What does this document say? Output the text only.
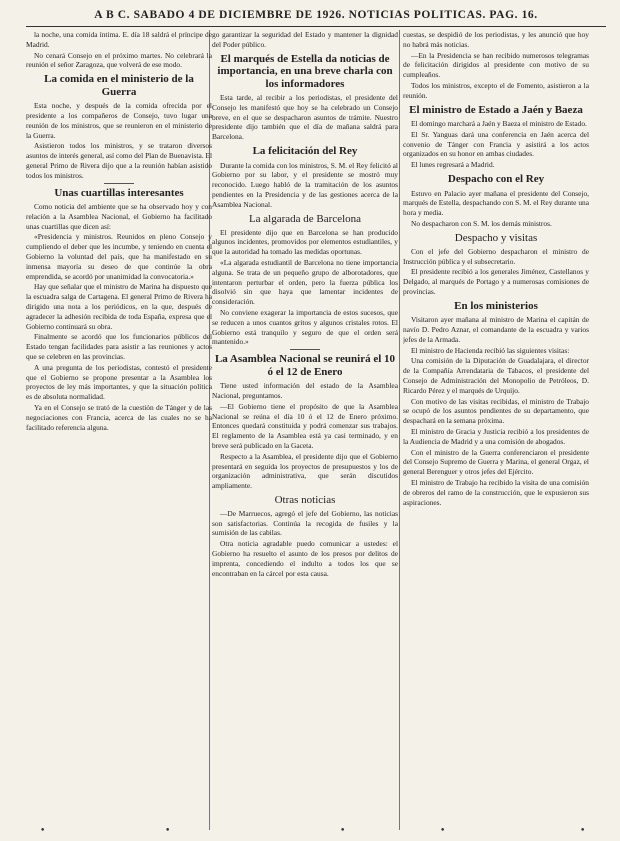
A B C. SABADO 4 DE DICIEMBRE DE 1926. NOTICIAS POLITICAS. PAG. 16.

la noche, una comida íntima. E. día 18 saldrá el príncipe de Madrid.

No cenará Consejo en el próximo martes. No celebrará la reunión el señor Zaragoza, que volverá de ese modo.

La comida en el ministerio de la Guerra

Esta noche, y después de la comida ofrecida por el presidente a los compañeros de Consejo, tuvo lugar una reunión de los ministros, que se reunieron en el ministerio de la Guerra.

Asistieron todos los ministros, y se trataron diversos asuntos de interés general, así como del Plan de Buenavista. El general Primo de Rivera dijo que a la reunión habían asistido todos los ministros.

Unas cuartillas interesantes

Como noticia del ambiente que se ha observado hoy y con relación a la Asamblea Nacional, el Gobierno ha facilitado unas cuartillas que dicen así:

«Presidencia y ministros. Reunidos en pleno Consejo y cumpliendo el deber que les incumbe, y teniendo en cuenta el Gobierno la voluntad del país, que ha manifestado en su inmensa mayoría su deseo de que continúe la obra emprendida, se acordó por unanimidad la convocatoria.»

Hay que señalar que el ministro de Marina ha dispuesto que la escuadra salga de Cartagena. El general Primo de Rivera ha dirigido una nota a los periódicos, en la que, después de agradecer la adhesión recibida de toda España, expresa que el Gobierno continuará su obra.

Finalmente se acordó que los funcionarios públicos del Estado tengan facilidades para asistir a las reuniones y actos que se celebren en las provincias.

A una pregunta de los periodistas, contestó el presidente que el Gobierno se propone presentar a la Asamblea los proyectos de ley más importantes, y que la situación política es de absoluta normalidad.

Ya en el Consejo se trató de la cuestión de Tánger y de las negociaciones con Francia, acerca de las cuales no se ha facilitado referencia alguna.

go garantizar la seguridad del Estado y mantener la dignidad del Poder público.

El marqués de Estella da noticias de importancia, en una breve charla con los informadores

Esta tarde, al recibir a los periodistas, el presidente del Consejo les manifestó que hoy se ha celebrado un Consejo breve, en el que se despacharon asuntos de trámite. Nuestro presidente dijo también que el día de mañana saldrá para Barcelona.

La felicitación del Rey

Durante la comida con los ministros, S. M. el Rey felicitó al Gobierno por su labor, y el presidente se mostró muy reconocido. Luego habló de la tramitación de los asuntos pendientes en la Presidencia y de las gestiones acerca de la Asamblea Nacional.

La algarada de Barcelona

El presidente dijo que en Barcelona se han producido algunos incidentes, promovidos por elementos estudiantiles, y que la autoridad ha tomado las medidas oportunas.

«La algarada estudiantil de Barcelona no tiene importancia alguna. Se trata de un pequeño grupo de alborotadores, que intentaron perturbar el orden, pero la fuerza pública los disolvió sin que haya que lamentar incidentes de consideración.

No conviene exagerar la importancia de estos sucesos, que se reducen a unos cuantos gritos y algunos cristales rotos. El Gobierno está tranquilo y seguro de que el orden será mantenido.»

La Asamblea Nacional se reunirá el 10 ó el 12 de Enero

Tiene usted información del estado de la Asamblea Nacional, preguntamos.

—El Gobierno tiene el propósito de que la Asamblea Nacional se reúna el día 10 ó el 12 de Enero próximo. Entonces quedará constituida y podrá comenzar sus trabajos. El reglamento de la Asamblea está ya casi terminado, y en breve será publicado en la Gaceta.

Respecto a la Asamblea, el presidente dijo que el Gobierno presentará en seguida los proyectos de presupuestos y los de organización administrativa, que serán discutidos ampliamente.

Otras noticias

—De Marruecos, agregó el jefe del Gobierno, las noticias son satisfactorias. Continúa la recogida de fusiles y la sumisión de las cabilas.

Otra noticia agradable puedo comunicar a ustedes: el Gobierno ha resuelto el asunto de los presos por delitos de imprenta, concediendo el indulto a todos los que se encontraban en la cárcel por esta causa.

cuestas, se despidió de los periodistas, y les anunció que hoy no habrá más noticias.

—En la Presidencia se han recibido numerosos telegramas de felicitación dirigidos al presidente con motivo de su cumpleaños.

Todos los ministros, excepto el de Fomento, asistieron a la reunión.

El ministro de Estado a Jaén y Baeza

El domingo marchará a Jaén y Baeza el ministro de Estado.

El Sr. Yanguas dará una conferencia en Jaén acerca del convenio de Tánger con Francia y asistirá a los actos organizados en su honor en ambas ciudades.

El lunes regresará a Madrid.

Despacho con el Rey

Estuvo en Palacio ayer mañana el presidente del Consejo, marqués de Estella, despachando con S. M. el Rey durante una hora y media.

No despacharon con S. M. los demás ministros.

Despacho y visitas

Con el jefe del Gobierno despacharon el ministro de Instrucción pública y el subsecretario.

El presidente recibió a los generales Jiménez, Castellanos y Delgado, al marqués de Portago y a numerosas comisiones de provincias.

En los ministerios

Visitaron ayer mañana al ministro de Marina el capitán de navío D. Pedro Aznar, el comandante de la escuadra y varios jefes de la Armada.

El ministro de Hacienda recibió las siguientes visitas:

Una comisión de la Diputación de Guadalajara, el director de la Compañía Arrendataria de Tabacos, el presidente del Consejo de Administración del Monopolio de Petróleos, D. Ricardo Pérez y el marqués de Urquijo.

Con motivo de las visitas recibidas, el ministro de Trabajo se ocupó de los asuntos pendientes de su departamento, que despachará en la semana próxima.

El ministro de Gracia y Justicia recibió a los presidentes de la Audiencia de Madrid y a una comisión de abogados.

Con el ministro de la Guerra conferenciaron el presidente del Consejo Supremo de Guerra y Marina, el general Orgaz, el general Berenguer y otros jefes del Ejército.

El ministro de Trabajo ha recibido la visita de una comisión de obreros del ramo de la construcción, que le expusieron sus aspiraciones.

•	•	•	•	•
